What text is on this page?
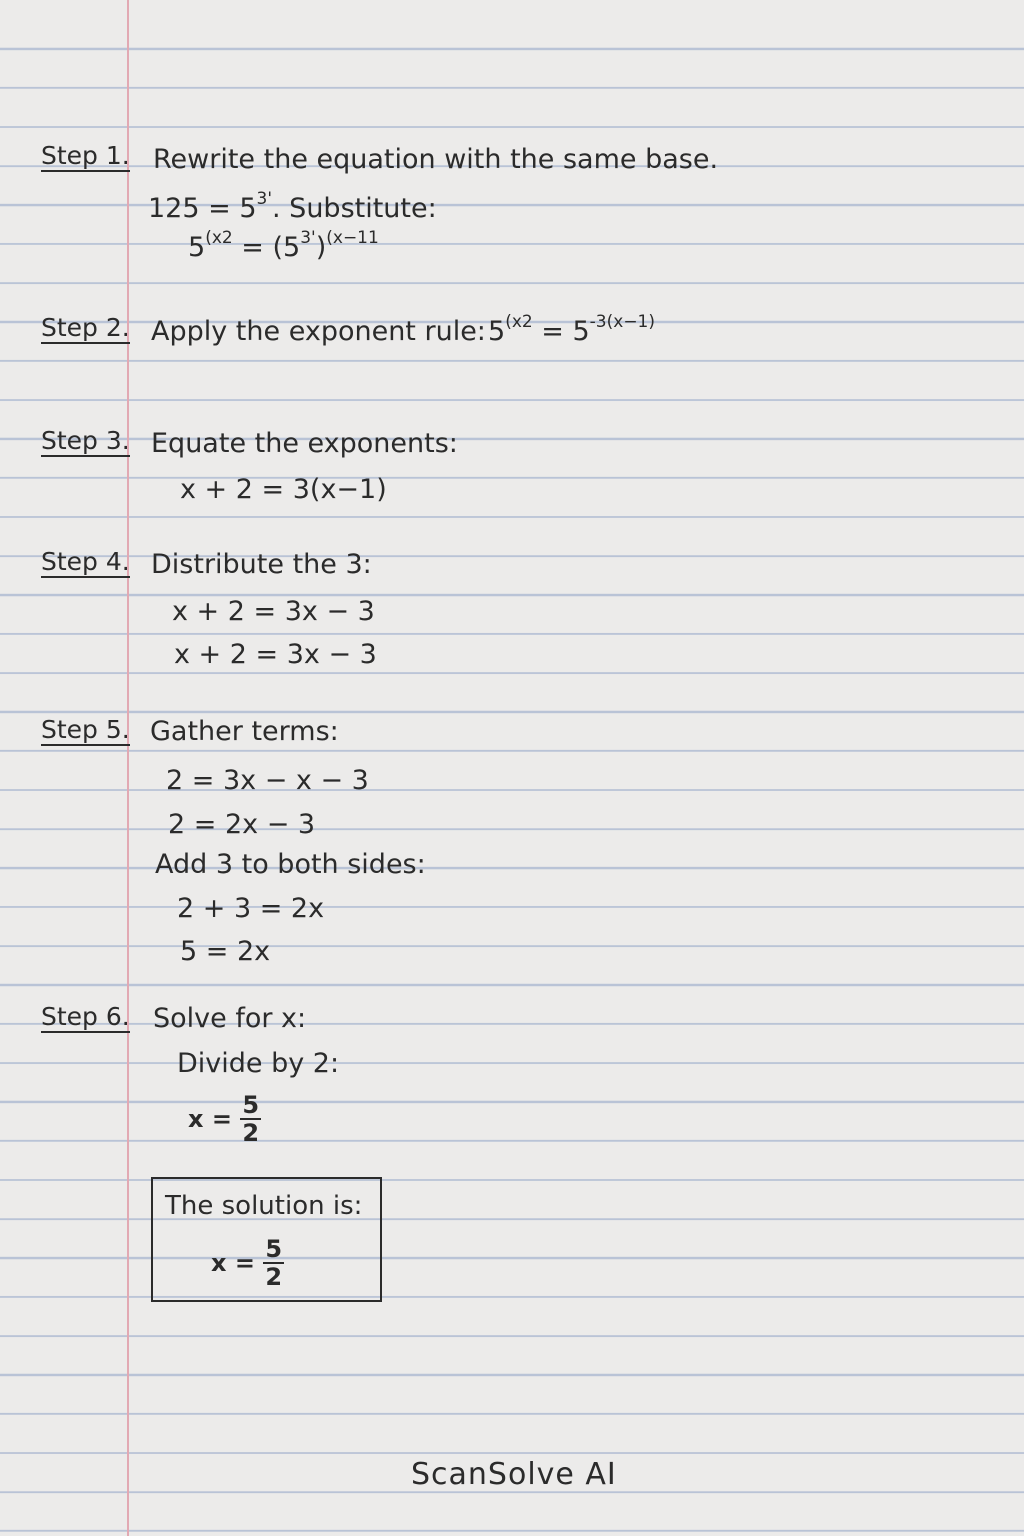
Step 1. Rewrite the equation with the same base.
$125 = 5^{3'}$. Substitute:
$5^{(x2} = (5^{3'})^{(x-11}$
Step 2. Apply the exponent rule: $5^{(x2} = 5^{-3(x-1)}$
Step 3. Equate the exponents:
x + 2 = 3(x−1)
Step 4. Distribute the 3:
x + 2 = 3x − 3
x + 2 = 3x − 3
Step 5. Gather terms:
2 = 3x − x − 3
2 = 2x − 3
Add 3 to both sides:
2 + 3 = 2x
5 = 2x
Step 6. Solve for x:
Divide by 2:
$x = \frac{5}{2}$
The solution is:
$x = \frac{5}{2}$
ScanSolve AI
